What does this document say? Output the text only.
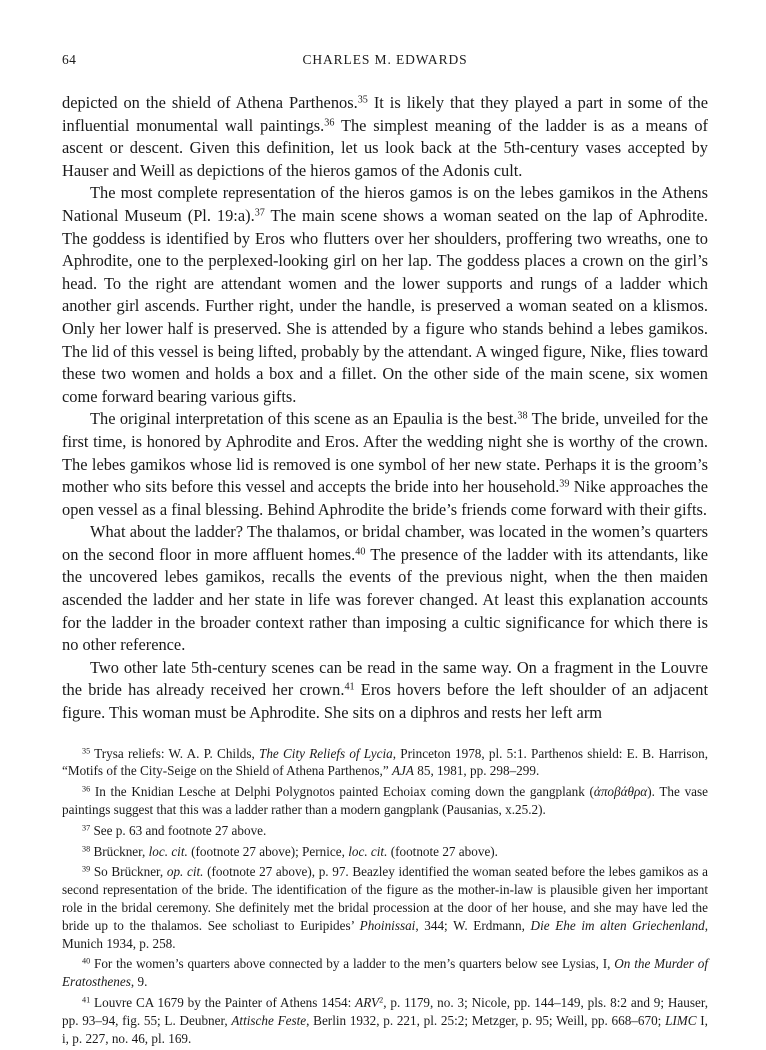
64	CHARLES M. EDWARDS

depicted on the shield of Athena Parthenos.$^{35}$ It is likely that they played a part in some of the influential monumental wall paintings.$^{36}$ The simplest meaning of the ladder is as a means of ascent or descent. Given this definition, let us look back at the 5th-century vases accepted by Hauser and Weill as depictions of the hieros gamos of the Adonis cult.

The most complete representation of the hieros gamos is on the lebes gamikos in the Athens National Museum (Pl. 19:a).$^{37}$ The main scene shows a woman seated on the lap of Aphrodite. The goddess is identified by Eros who flutters over her shoulders, proffering two wreaths, one to Aphrodite, one to the perplexed-looking girl on her lap. The goddess places a crown on the girl’s head. To the right are attendant women and the lower supports and rungs of a ladder which another girl ascends. Further right, under the handle, is preserved a woman seated on a klismos. Only her lower half is preserved. She is attended by a figure who stands behind a lebes gamikos. The lid of this vessel is being lifted, probably by the attendant. A winged figure, Nike, flies toward these two women and holds a box and a fillet. On the other side of the main scene, six women come forward bearing various gifts.

The original interpretation of this scene as an Epaulia is the best.$^{38}$ The bride, unveiled for the first time, is honored by Aphrodite and Eros. After the wedding night she is worthy of the crown. The lebes gamikos whose lid is removed is one symbol of her new state. Perhaps it is the groom’s mother who sits before this vessel and accepts the bride into her household.$^{39}$ Nike approaches the open vessel as a final blessing. Behind Aphrodite the bride’s friends come forward with their gifts.

What about the ladder? The thalamos, or bridal chamber, was located in the women’s quarters on the second floor in more affluent homes.$^{40}$ The presence of the ladder with its attendants, like the uncovered lebes gamikos, recalls the events of the previous night, when the then maiden ascended the ladder and her state in life was forever changed. At least this explanation accounts for the ladder in the broader context rather than imposing a cultic significance for which there is no other reference.

Two other late 5th-century scenes can be read in the same way. On a fragment in the Louvre the bride has already received her crown.$^{41}$ Eros hovers before the left shoulder of an adjacent figure. This woman must be Aphrodite. She sits on a diphros and rests her left arm

$^{35}$ Trysa reliefs: W. A. P. Childs, The City Reliefs of Lycia, Princeton 1978, pl. 5:1. Parthenos shield: E. B. Harrison, “Motifs of the City-Seige on the Shield of Athena Parthenos,” AJA 85, 1981, pp. 298–299.

$^{36}$ In the Knidian Lesche at Delphi Polygnotos painted Echoiax coming down the gangplank (ἀποβάθρα). The vase paintings suggest that this was a ladder rather than a modern gangplank (Pausanias, x.25.2).

$^{37}$ See p. 63 and footnote 27 above.

$^{38}$ Brückner, loc. cit. (footnote 27 above); Pernice, loc. cit. (footnote 27 above).

$^{39}$ So Brückner, op. cit. (footnote 27 above), p. 97. Beazley identified the woman seated before the lebes gamikos as a second representation of the bride. The identification of the figure as the mother-in-law is plausible given her important role in the bridal ceremony. She definitely met the bridal procession at the door of her house, and she may have led the bride up to the thalamos. See scholiast to Euripides’ Phoinissai, 344; W. Erdmann, Die Ehe im alten Griechenland, Munich 1934, p. 258.

$^{40}$ For the women’s quarters above connected by a ladder to the men’s quarters below see Lysias, I, On the Murder of Eratosthenes, 9.

$^{41}$ Louvre CA 1679 by the Painter of Athens 1454: ARV$^2$, p. 1179, no. 3; Nicole, pp. 144–149, pls. 8:2 and 9; Hauser, pp. 93–94, fig. 55; L. Deubner, Attische Feste, Berlin 1932, p. 221, pl. 25:2; Metzger, p. 95; Weill, pp. 668–670; LIMC I, i, p. 227, no. 46, pl. 169.
